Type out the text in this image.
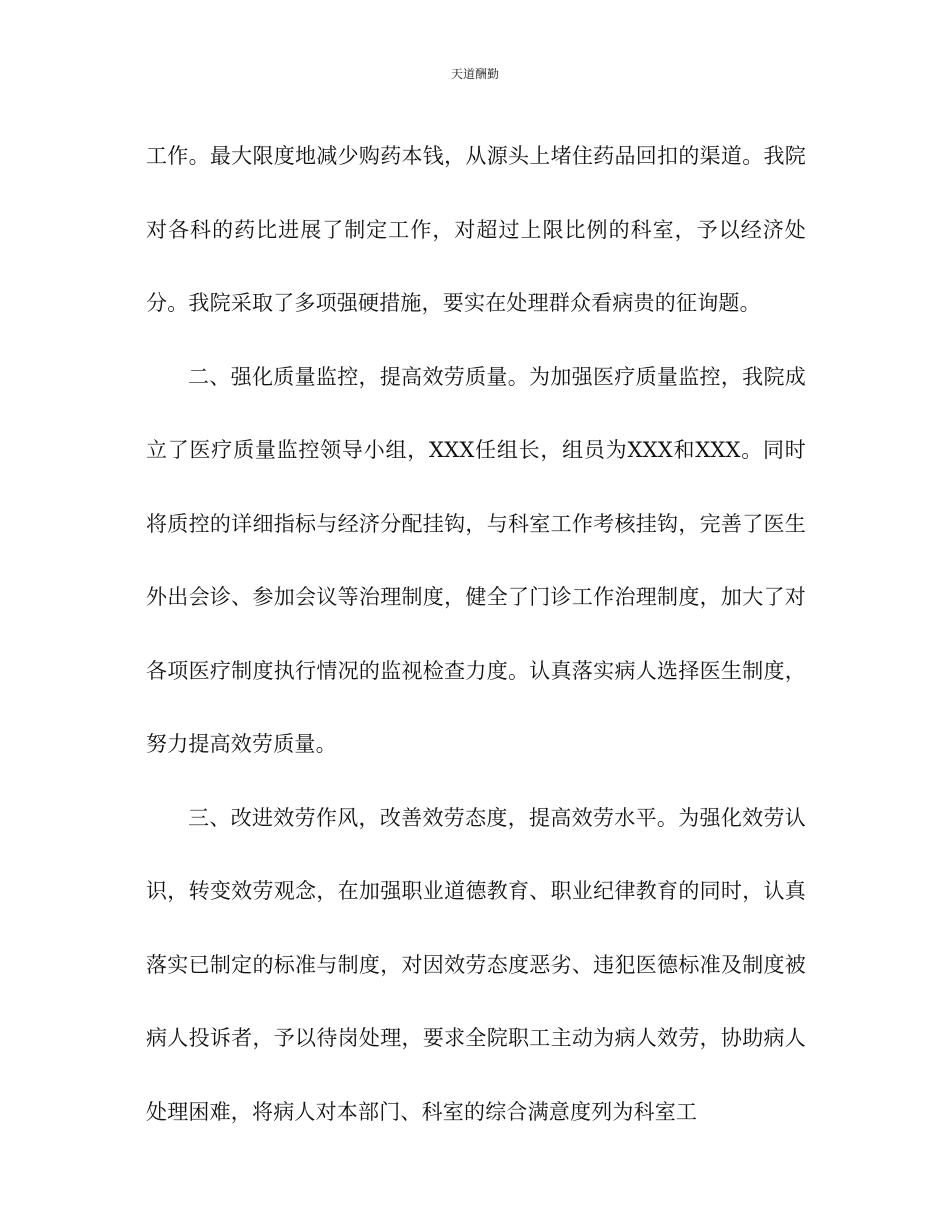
天道酬勤

工作。最大限度地减少购药本钱，从源头上堵住药品回扣的渠道。我院对各科的药比进展了制定工作，对超过上限比例的科室，予以经济处分。我院采取了多项强硬措施，要实在处理群众看病贵的征询题。

二、强化质量监控，提高效劳质量。为加强医疗质量监控，我院成立了医疗质量监控领导小组，XXX任组长，组员为XXX和XXX。同时将质控的详细指标与经济分配挂钩，与科室工作考核挂钩，完善了医生外出会诊、参加会议等治理制度，健全了门诊工作治理制度，加大了对各项医疗制度执行情况的监视检查力度。认真落实病人选择医生制度，努力提高效劳质量。

三、改进效劳作风，改善效劳态度，提高效劳水平。为强化效劳认识，转变效劳观念，在加强职业道德教育、职业纪律教育的同时，认真落实已制定的标准与制度，对因效劳态度恶劣、违犯医德标准及制度被病人投诉者，予以待岗处理，要求全院职工主动为病人效劳，协助病人处理困难，将病人对本部门、科室的综合满意度列为科室工
